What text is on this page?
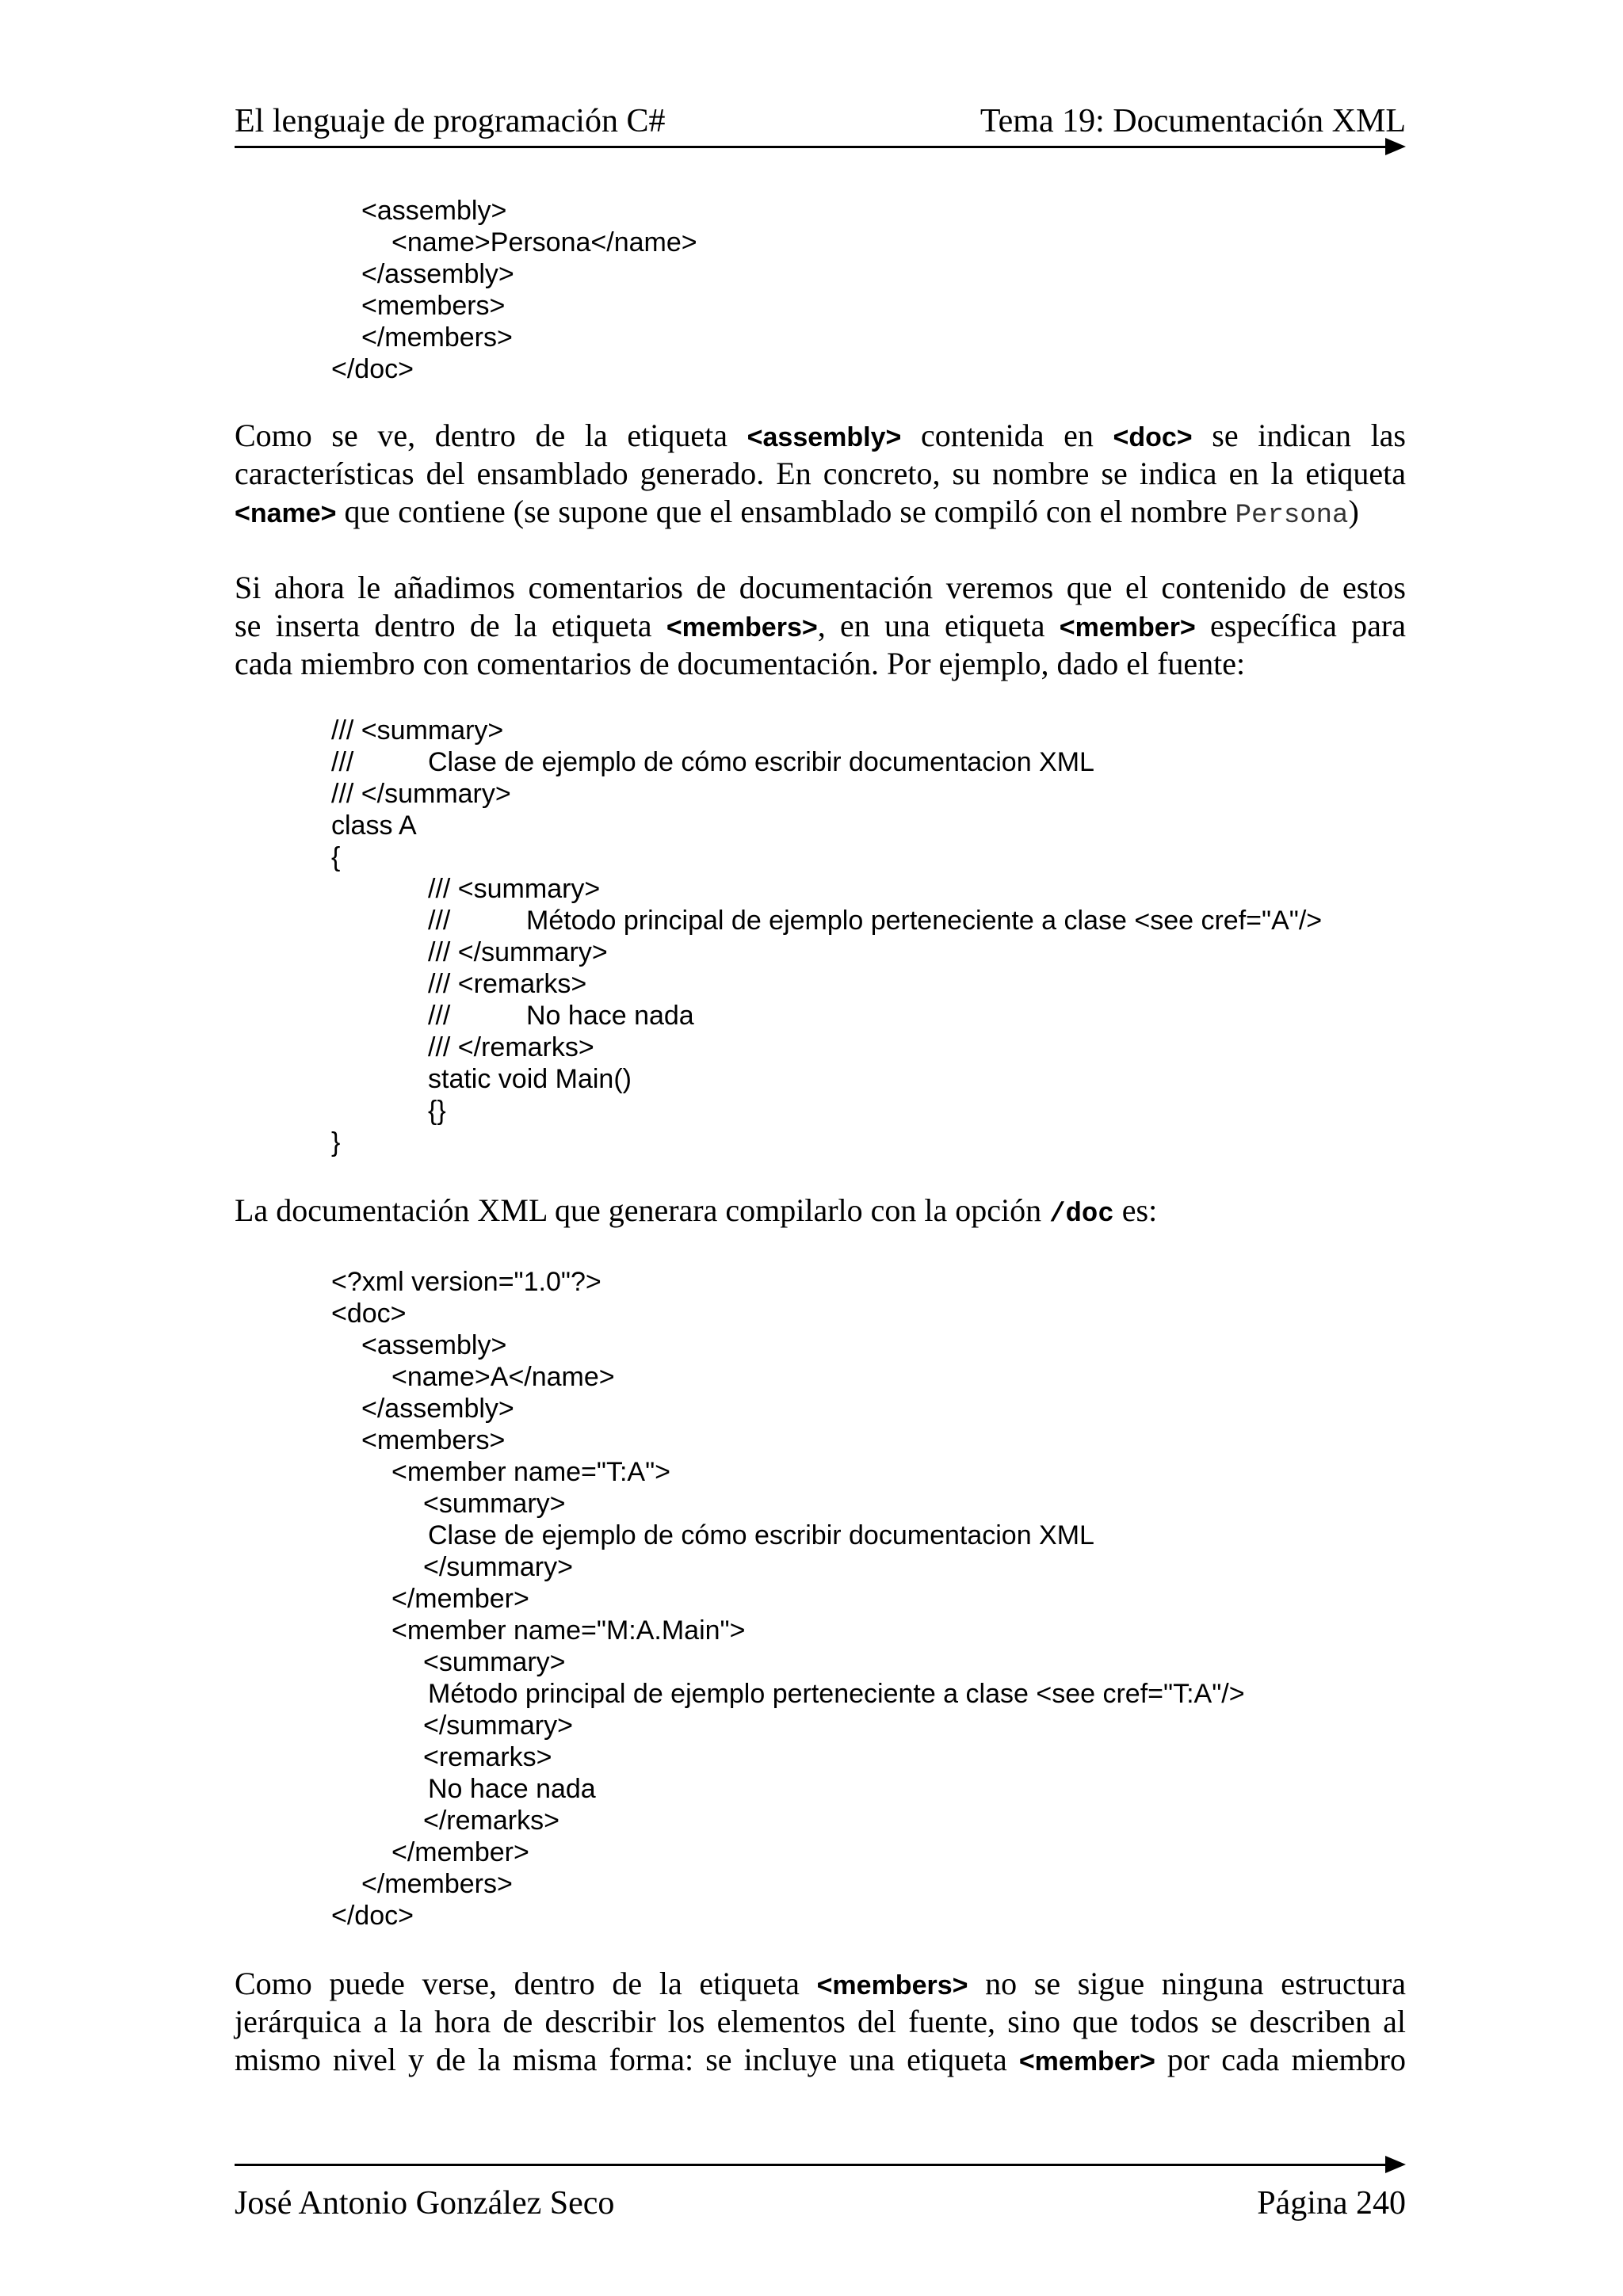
El lenguaje de programación C#	Tema 19: Documentación XML

<assembly>

<name>Persona</name>

</assembly>

<members>

</members>

</doc>

Como se ve, dentro de la etiqueta <assembly> contenida en <doc> se indican las
características del ensamblado generado. En concreto, su nombre se indica en la etiqueta
<name> que contiene (se supone que el ensamblado se compiló con el nombre Persona)
Si ahora le añadimos comentarios de documentación veremos que el contenido de estos
se inserta dentro de la etiqueta <members>, en una etiqueta <member> específica para
cada miembro con comentarios de documentación. Por ejemplo, dado el fuente:

/// <summary>

///

	Clase de ejemplo de cómo escribir documentacion XML

/// </summary>

class A

{

/// <summary>

///

	Método principal de ejemplo perteneciente a clase <see cref="A"/>

/// </summary>

/// <remarks>

///

	No hace nada

/// </remarks>

static void Main()

{}

}

La documentación XML que generara compilarlo con la opción /doc es:

<?xml version="1.0"?>

<doc>

<assembly>

<name>A</name>

</assembly>

<members>

<member name="T:A">

<summary>

Clase de ejemplo de cómo escribir documentacion XML

</summary>

</member>

<member name="M:A.Main">

<summary>

Método principal de ejemplo perteneciente a clase <see cref="T:A"/>

</summary>

<remarks>

No hace nada

</remarks>

</member>

</members>

</doc>

Como puede verse, dentro de la etiqueta <members> no se sigue ninguna estructura
jerárquica a la hora de describir los elementos del fuente, sino que todos se describen al
mismo nivel y de la misma forma: se incluye una etiqueta <member> por cada miembro
José Antonio González Seco	Página 240
